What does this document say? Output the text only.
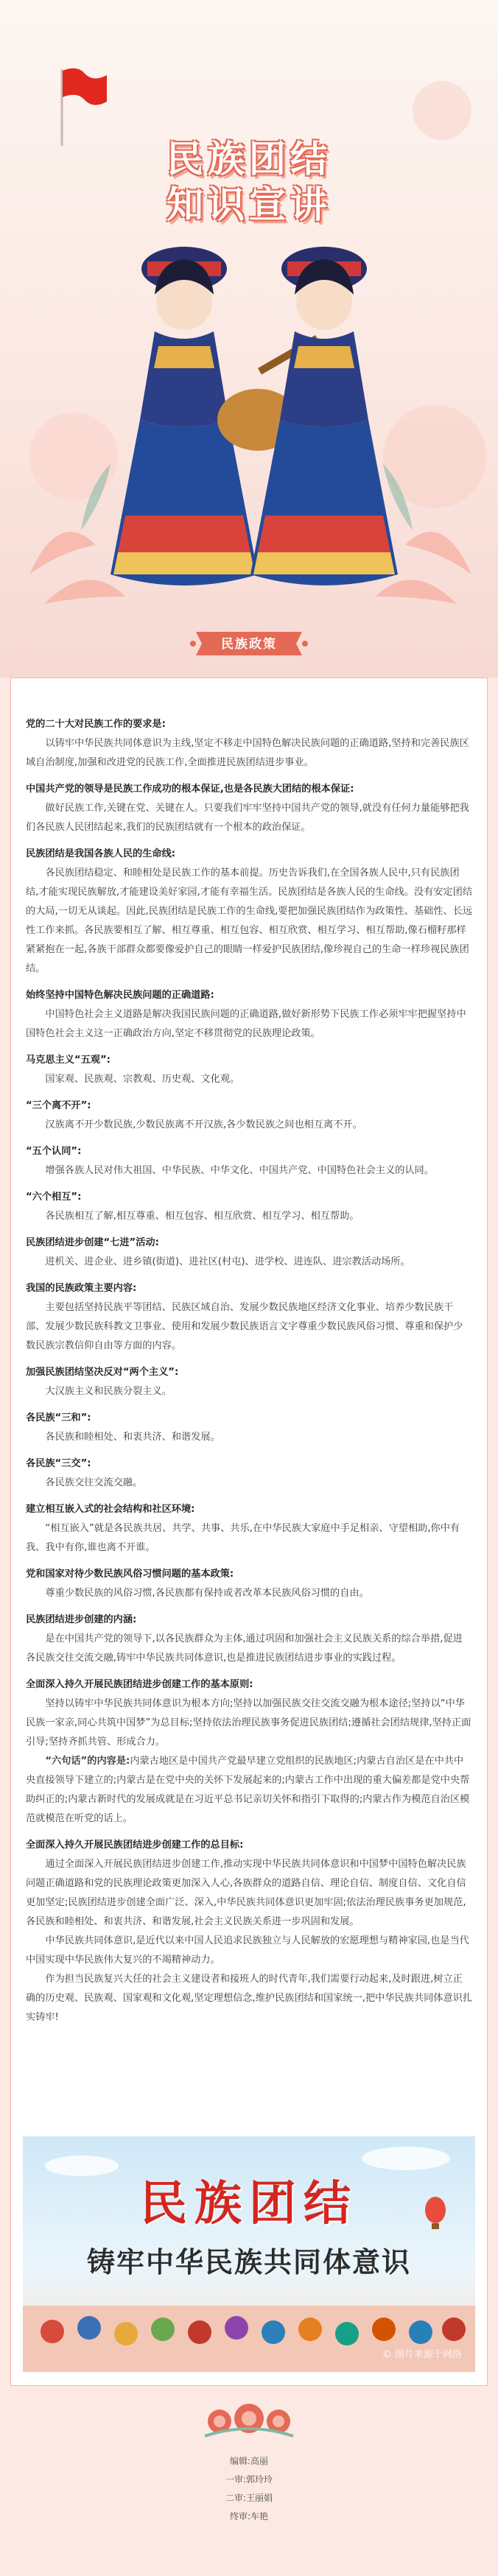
民族团结
知识宣讲
民族政策
党的二十大对民族工作的要求是:
以铸牢中华民族共同体意识为主线,坚定不移走中国特色解决民族问题的正确道路,坚持和完善民族区域自治制度,加强和改进党的民族工作,全面推进民族团结进步事业。
中国共产党的领导是民族工作成功的根本保证,也是各民族大团结的根本保证:
做好民族工作,关键在党、关键在人。只要我们牢牢坚持中国共产党的领导,就没有任何力量能够把我们各民族人民团结起来,我们的民族团结就有一个根本的政治保证。
民族团结是我国各族人民的生命线:
各民族团结稳定、和睦相处是民族工作的基本前提。历史告诉我们,在全国各族人民中,只有民族团结,才能实现民族解放,才能建设美好家园,才能有幸福生活。民族团结是各族人民的生命线。没有安定团结的大局,一切无从谈起。因此,民族团结是民族工作的生命线,要把加强民族团结作为政策性、基础性、长远性工作来抓。各民族要相互了解、相互尊重、相互包容、相互欣赏、相互学习、相互帮助,像石榴籽那样紧紧抱在一起,各族干部群众都要像爱护自己的眼睛一样爱护民族团结,像珍视自己的生命一样珍视民族团结。
始终坚持中国特色解决民族问题的正确道路:
中国特色社会主义道路是解决我国民族问题的正确道路,做好新形势下民族工作必须牢牢把握坚持中国特色社会主义这一正确政治方向,坚定不移贯彻党的民族理论政策。
马克思主义“五观”:
国家观、民族观、宗教观、历史观、文化观。
“三个离不开”:
汉族离不开少数民族,少数民族离不开汉族,各少数民族之间也相互离不开。
“五个认同”:
增强各族人民对伟大祖国、中华民族、中华文化、中国共产党、中国特色社会主义的认同。
“六个相互”:
各民族相互了解,相互尊重、相互包容、相互欣赏、相互学习、相互帮助。
民族团结进步创建“七进”活动:
进机关、进企业、进乡镇(街道)、进社区(村屯)、进学校、进连队、进宗教活动场所。
我国的民族政策主要内容:
主要包括坚持民族平等团结、民族区域自治、发展少数民族地区经济文化事业、培养少数民族干部、发展少数民族科教文卫事业、使用和发展少数民族语言文字尊重少数民族风俗习惯、尊重和保护少数民族宗教信仰自由等方面的内容。
加强民族团结坚决反对“两个主义”:
大汉族主义和民族分裂主义。
各民族“三和”:
各民族和睦相处、和衷共济、和谐发展。
各民族“三交”:
各民族交往交流交融。
建立相互嵌入式的社会结构和社区环境:
“相互嵌入”就是各民族共居、共学、共事、共乐,在中华民族大家庭中手足相亲、守望相助,你中有我、我中有你,谁也离不开谁。
党和国家对待少数民族风俗习惯问题的基本政策:
尊重少数民族的风俗习惯,各民族都有保持或者改革本民族风俗习惯的自由。
民族团结进步创建的内涵:
是在中国共产党的领导下,以各民族群众为主体,通过巩固和加强社会主义民族关系的综合举措,促进各民族交往交流交融,铸牢中华民族共同体意识,也是推进民族团结进步事业的实践过程。
全面深入持久开展民族团结进步创建工作的基本原则:
坚持以铸牢中华民族共同体意识为根本方向;坚持以加强民族交往交流交融为根本途径;坚持以“中华民族一家亲,同心共筑中国梦”为总目标;坚持依法治理民族事务促进民族团结;遵循社会团结规律,坚持正面引导;坚持齐抓共管、形成合力。
“六句话”的内容是:内蒙古地区是中国共产党最早建立党组织的民族地区;内蒙古自治区是在中共中央直接领导下建立的;内蒙古是在党中央的关怀下发展起来的;内蒙古工作中出现的重大偏差都是党中央帮助纠正的;内蒙古新时代的发展成就是在习近平总书记亲切关怀和指引下取得的;内蒙古作为模范自治区模范就模范在听党的话上。
全面深入持久开展民族团结进步创建工作的总目标:
通过全面深入开展民族团结进步创建工作,推动实现中华民族共同体意识和中国梦中国特色解决民族问题正确道路和党的民族理论政策更加深入人心,各族群众的道路自信、理论自信、制度自信、文化自信更加坚定;民族团结进步创建全面广泛、深入,中华民族共同体意识更加牢固;依法治理民族事务更加规范,各民族和睦相处、和衷共济、和谐发展,社会主义民族关系进一步巩固和发展。
中华民族共同体意识,是近代以来中国人民追求民族独立与人民解放的宏愿理想与精神家园,也是当代中国实现中华民族伟大复兴的不竭精神动力。
作为担当民族复兴大任的社会主义建设者和接班人的时代青年,我们需要行动起来,及时跟进,树立正确的历史观、民族观、国家观和文化观,坚定理想信念,维护民族团结和国家统一,把中华民族共同体意识扎实铸牢!
民族团结
铸牢中华民族共同体意识
© 图片来源于网络
编辑:高丽
一审:郭玲玲
二审:王丽娟
终审:车艳
